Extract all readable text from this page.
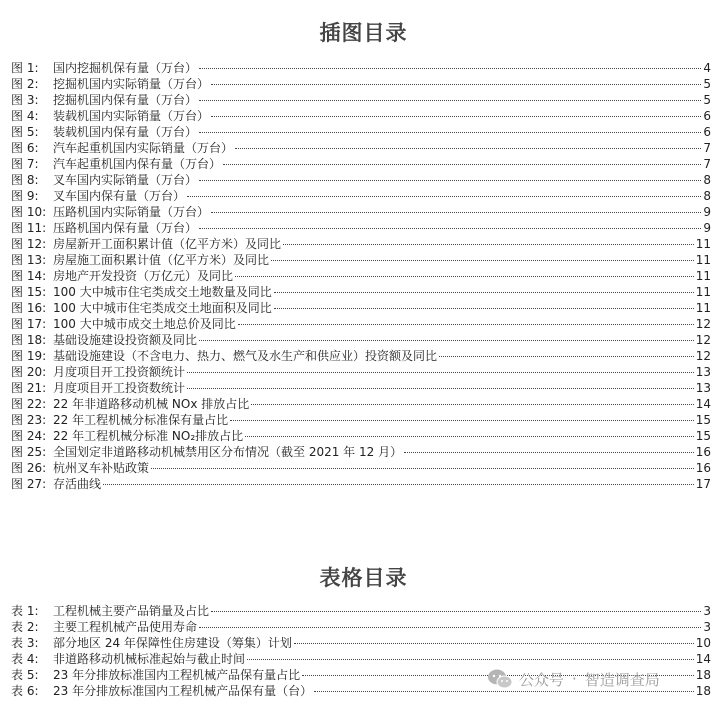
插图目录
图 1:	国内挖掘机保有量（万台）	4
图 2:	挖掘机国内实际销量（万台）	5
图 3:	挖掘机国内保有量（万台）	5
图 4:	装载机国内实际销量（万台）	6
图 5:	装载机国内保有量（万台）	6
图 6:	汽车起重机国内实际销量（万台）	7
图 7:	汽车起重机国内保有量（万台）	7
图 8:	叉车国内实际销量（万台）	8
图 9:	叉车国内保有量（万台）	8
图 10: 压路机国内实际销量（万台）	9
图 11: 压路机国内保有量（万台）	9
图 12: 房屋新开工面积累计值（亿平方米）及同比	11
图 13: 房屋施工面积累计值（亿平方米）及同比	11
图 14: 房地产开发投资（万亿元）及同比	11
图 15: 100 大中城市住宅类成交土地数量及同比	11
图 16: 100 大中城市住宅类成交土地面积及同比	11
图 17: 100 大中城市成交土地总价及同比	12
图 18: 基础设施建设投资额及同比	12
图 19: 基础设施建设（不含电力、热力、燃气及水生产和供应业）投资额及同比	12
图 20: 月度项目开工投资额统计	13
图 21: 月度项目开工投资数统计	13
图 22: 22 年非道路移动机械 NOx 排放占比	14
图 23: 22 年工程机械分标准保有量占比	15
图 24: 22 年工程机械分标准 NO₂排放占比	15
图 25: 全国划定非道路移动机械禁用区分布情况（截至 2021 年 12 月）	16
图 26: 杭州叉车补贴政策	16
图 27: 存活曲线	17
表格目录
表 1:	工程机械主要产品销量及占比	3
表 2:	主要工程机械产品使用寿命	3
表 3:	部分地区 24 年保障性住房建设（筹集）计划	10
表 4:	非道路移动机械标准起始与截止时间	14
表 5:	23 年分排放标准国内工程机械产品保有量占比	18
表 6:	23 年分排放标准国内工程机械产品保有量（台）	18
公众号 · 智造调查局
